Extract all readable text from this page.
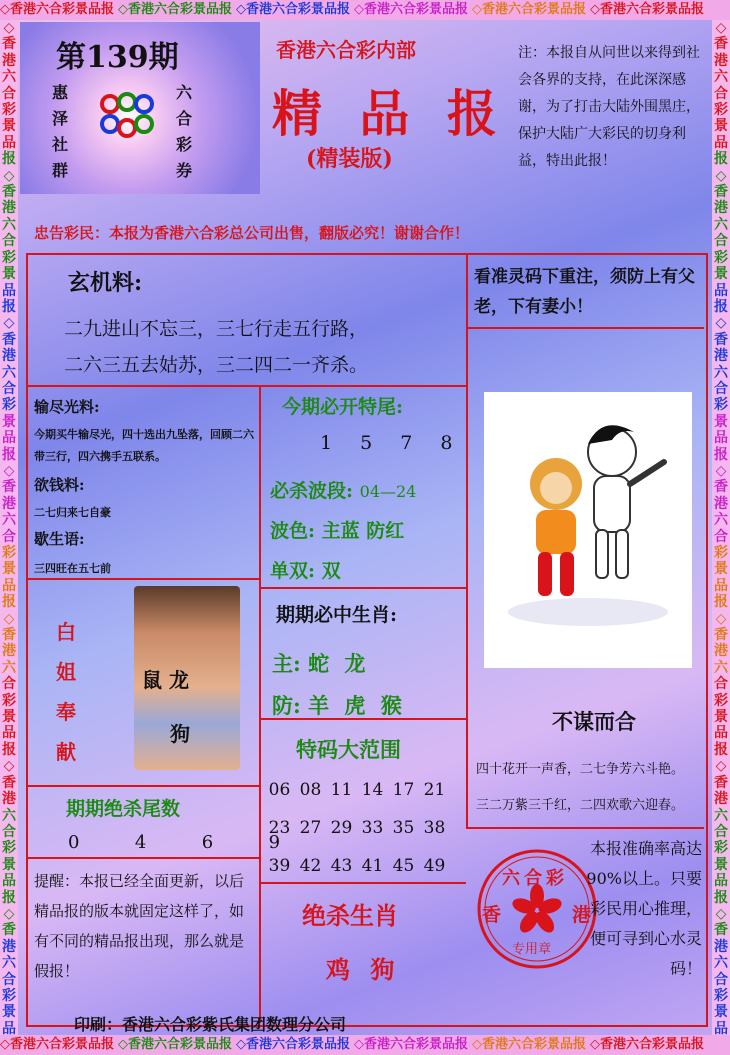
◇香港六合彩景品报 ◇香港六合彩景品报 ◇香港六合彩景品报 ◇香港六合彩景品报 ◇香港六合彩景品报 ◇香港六合彩景品报
◇香港六合彩景品报 ◇香港六合彩景品报 ◇香港六合彩景品报 ◇香港六合彩景品报 ◇香港六合彩景品报 ◇香港六合彩景品报
◇
香
港
六
合
彩
景
品
报
◇
香
港
六
合
彩
景
品
报
◇
香
港
六
合
彩
景
品
报
◇
香
港
六
合
彩
景
品
报
◇
香
港
六
合
彩
景
品
报
◇
香
港
六
合
彩
景
品
报
◇
香
港
六
合
彩
景
品
◇
香
港
六
合
彩
景
品
报
◇
香
港
六
合
彩
景
品
报
◇
香
港
六
合
彩
景
品
报
◇
香
港
六
合
彩
景
品
报
◇
香
港
六
合
彩
景
品
报
◇
香
港
六
合
彩
景
品
报
◇
香
港
六
合
彩
景
品
第139期
惠
泽
社
群
六
合
彩
券
香港六合彩内部
精 品 报
(精装版)
注：本报自从问世以来得到社会各界的支持，在此深深感谢，为了打击大陆外围黑庄，保护大陆广大彩民的切身利益，特出此报！
忠告彩民：本报为香港六合彩总公司出售，翻版必究！谢谢合作！
玄机料:
二九进山不忘三，三七行走五行路，
二六三五去姑苏，三二四二一齐杀。
看准灵码下重注，须防上有父老，下有妻小！
输尽光料:
今期买牛输尽光，四十选出九坠落，回顾二六带三行，四六携手五联系。
欲钱料:
二七归来七自豪
歇生语:
三四旺在五七前
今期必开特尾:
1 5 7 8
必杀波段: 04—24
波色: 主蓝 防红
单双: 双
白
姐
奉
献
鼠 龙
狗
期期必中生肖:
主: 蛇 龙
防: 羊 虎 猴
特码大范围
06 08 11 14 17 21
23 27 29 33 35 38
39 42 43 41 45 49
期期绝杀尾数
0  4  6  9
提醒：本报已经全面更新，以后精品报的版本就固定这样了，如有不同的精品报出现，那么就是假报！
绝杀生肖
鸡 狗
不谋而合
四十花开一声香，二七争芳六斗艳。
三二万紫三千红，二四欢歌六迎春。
六合彩
香	港
专用章
本报准确率高达90%以上。只要彩民用心推理，便可寻到心水灵码！
印刷：香港六合彩紫氏集团数理分公司
